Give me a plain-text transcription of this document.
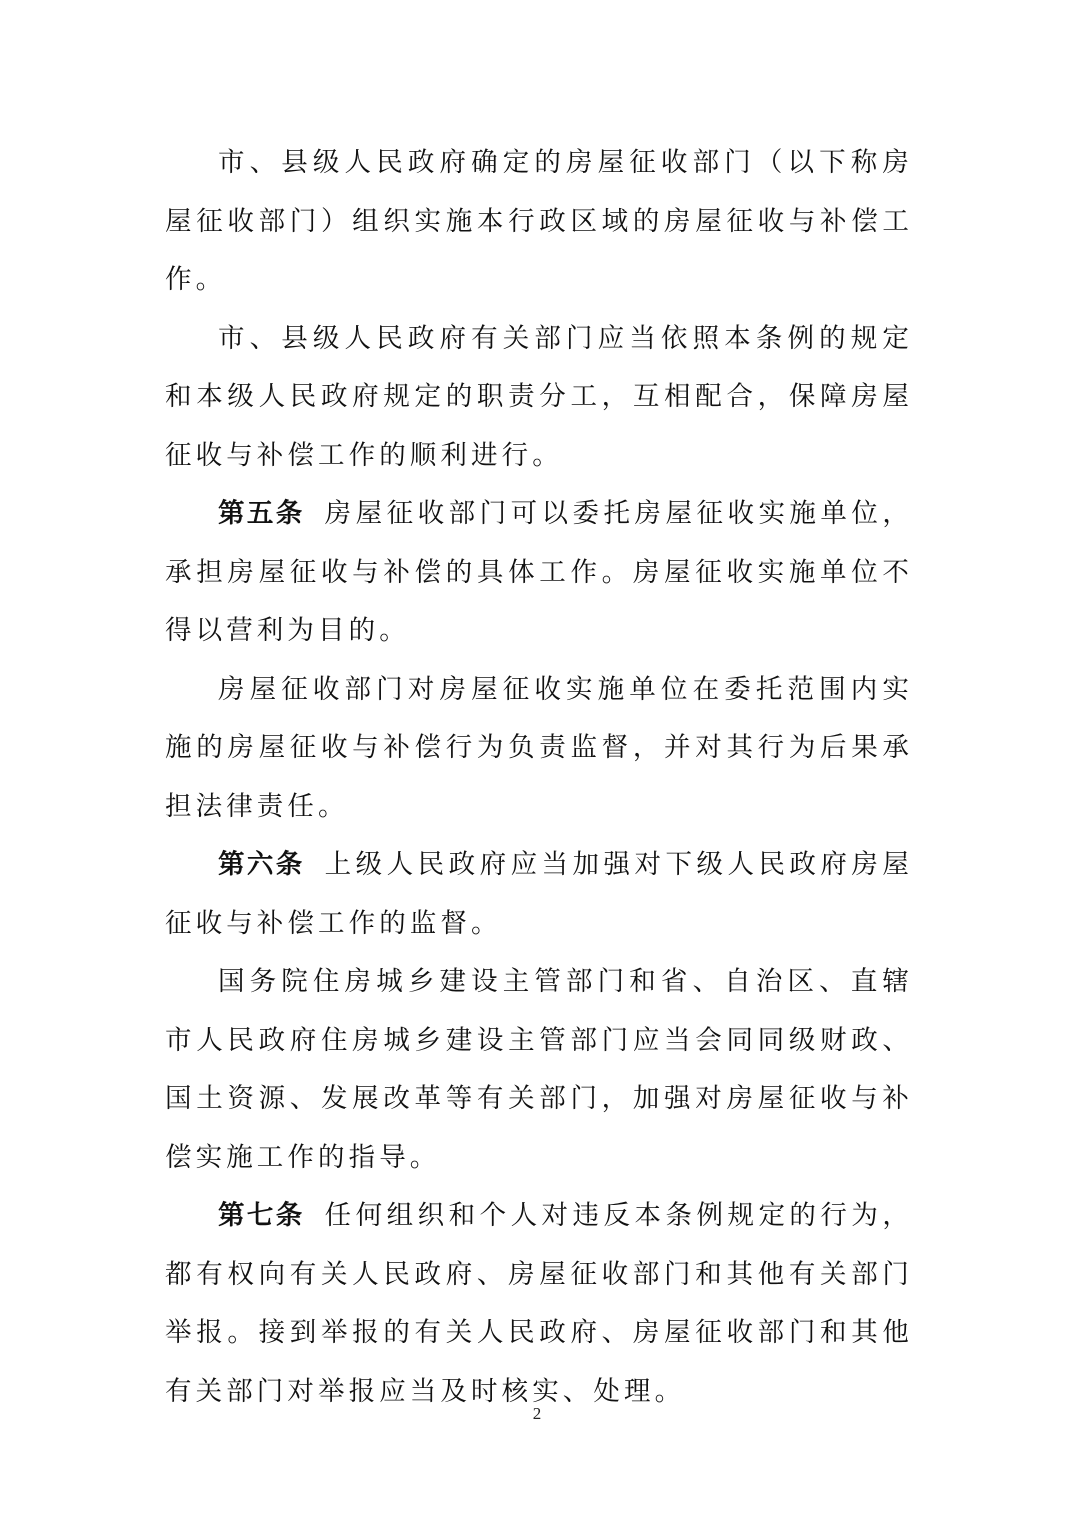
市、县级人民政府确定的房屋征收部门（以下称房屋征收部门）组织实施本行政区域的房屋征收与补偿工作。

市、县级人民政府有关部门应当依照本条例的规定和本级人民政府规定的职责分工，互相配合，保障房屋征收与补偿工作的顺利进行。

第五条 房屋征收部门可以委托房屋征收实施单位，承担房屋征收与补偿的具体工作。房屋征收实施单位不得以营利为目的。

房屋征收部门对房屋征收实施单位在委托范围内实施的房屋征收与补偿行为负责监督，并对其行为后果承担法律责任。

第六条 上级人民政府应当加强对下级人民政府房屋征收与补偿工作的监督。

国务院住房城乡建设主管部门和省、自治区、直辖市人民政府住房城乡建设主管部门应当会同同级财政、国土资源、发展改革等有关部门，加强对房屋征收与补偿实施工作的指导。

第七条 任何组织和个人对违反本条例规定的行为，都有权向有关人民政府、房屋征收部门和其他有关部门举报。接到举报的有关人民政府、房屋征收部门和其他有关部门对举报应当及时核实、处理。

2
